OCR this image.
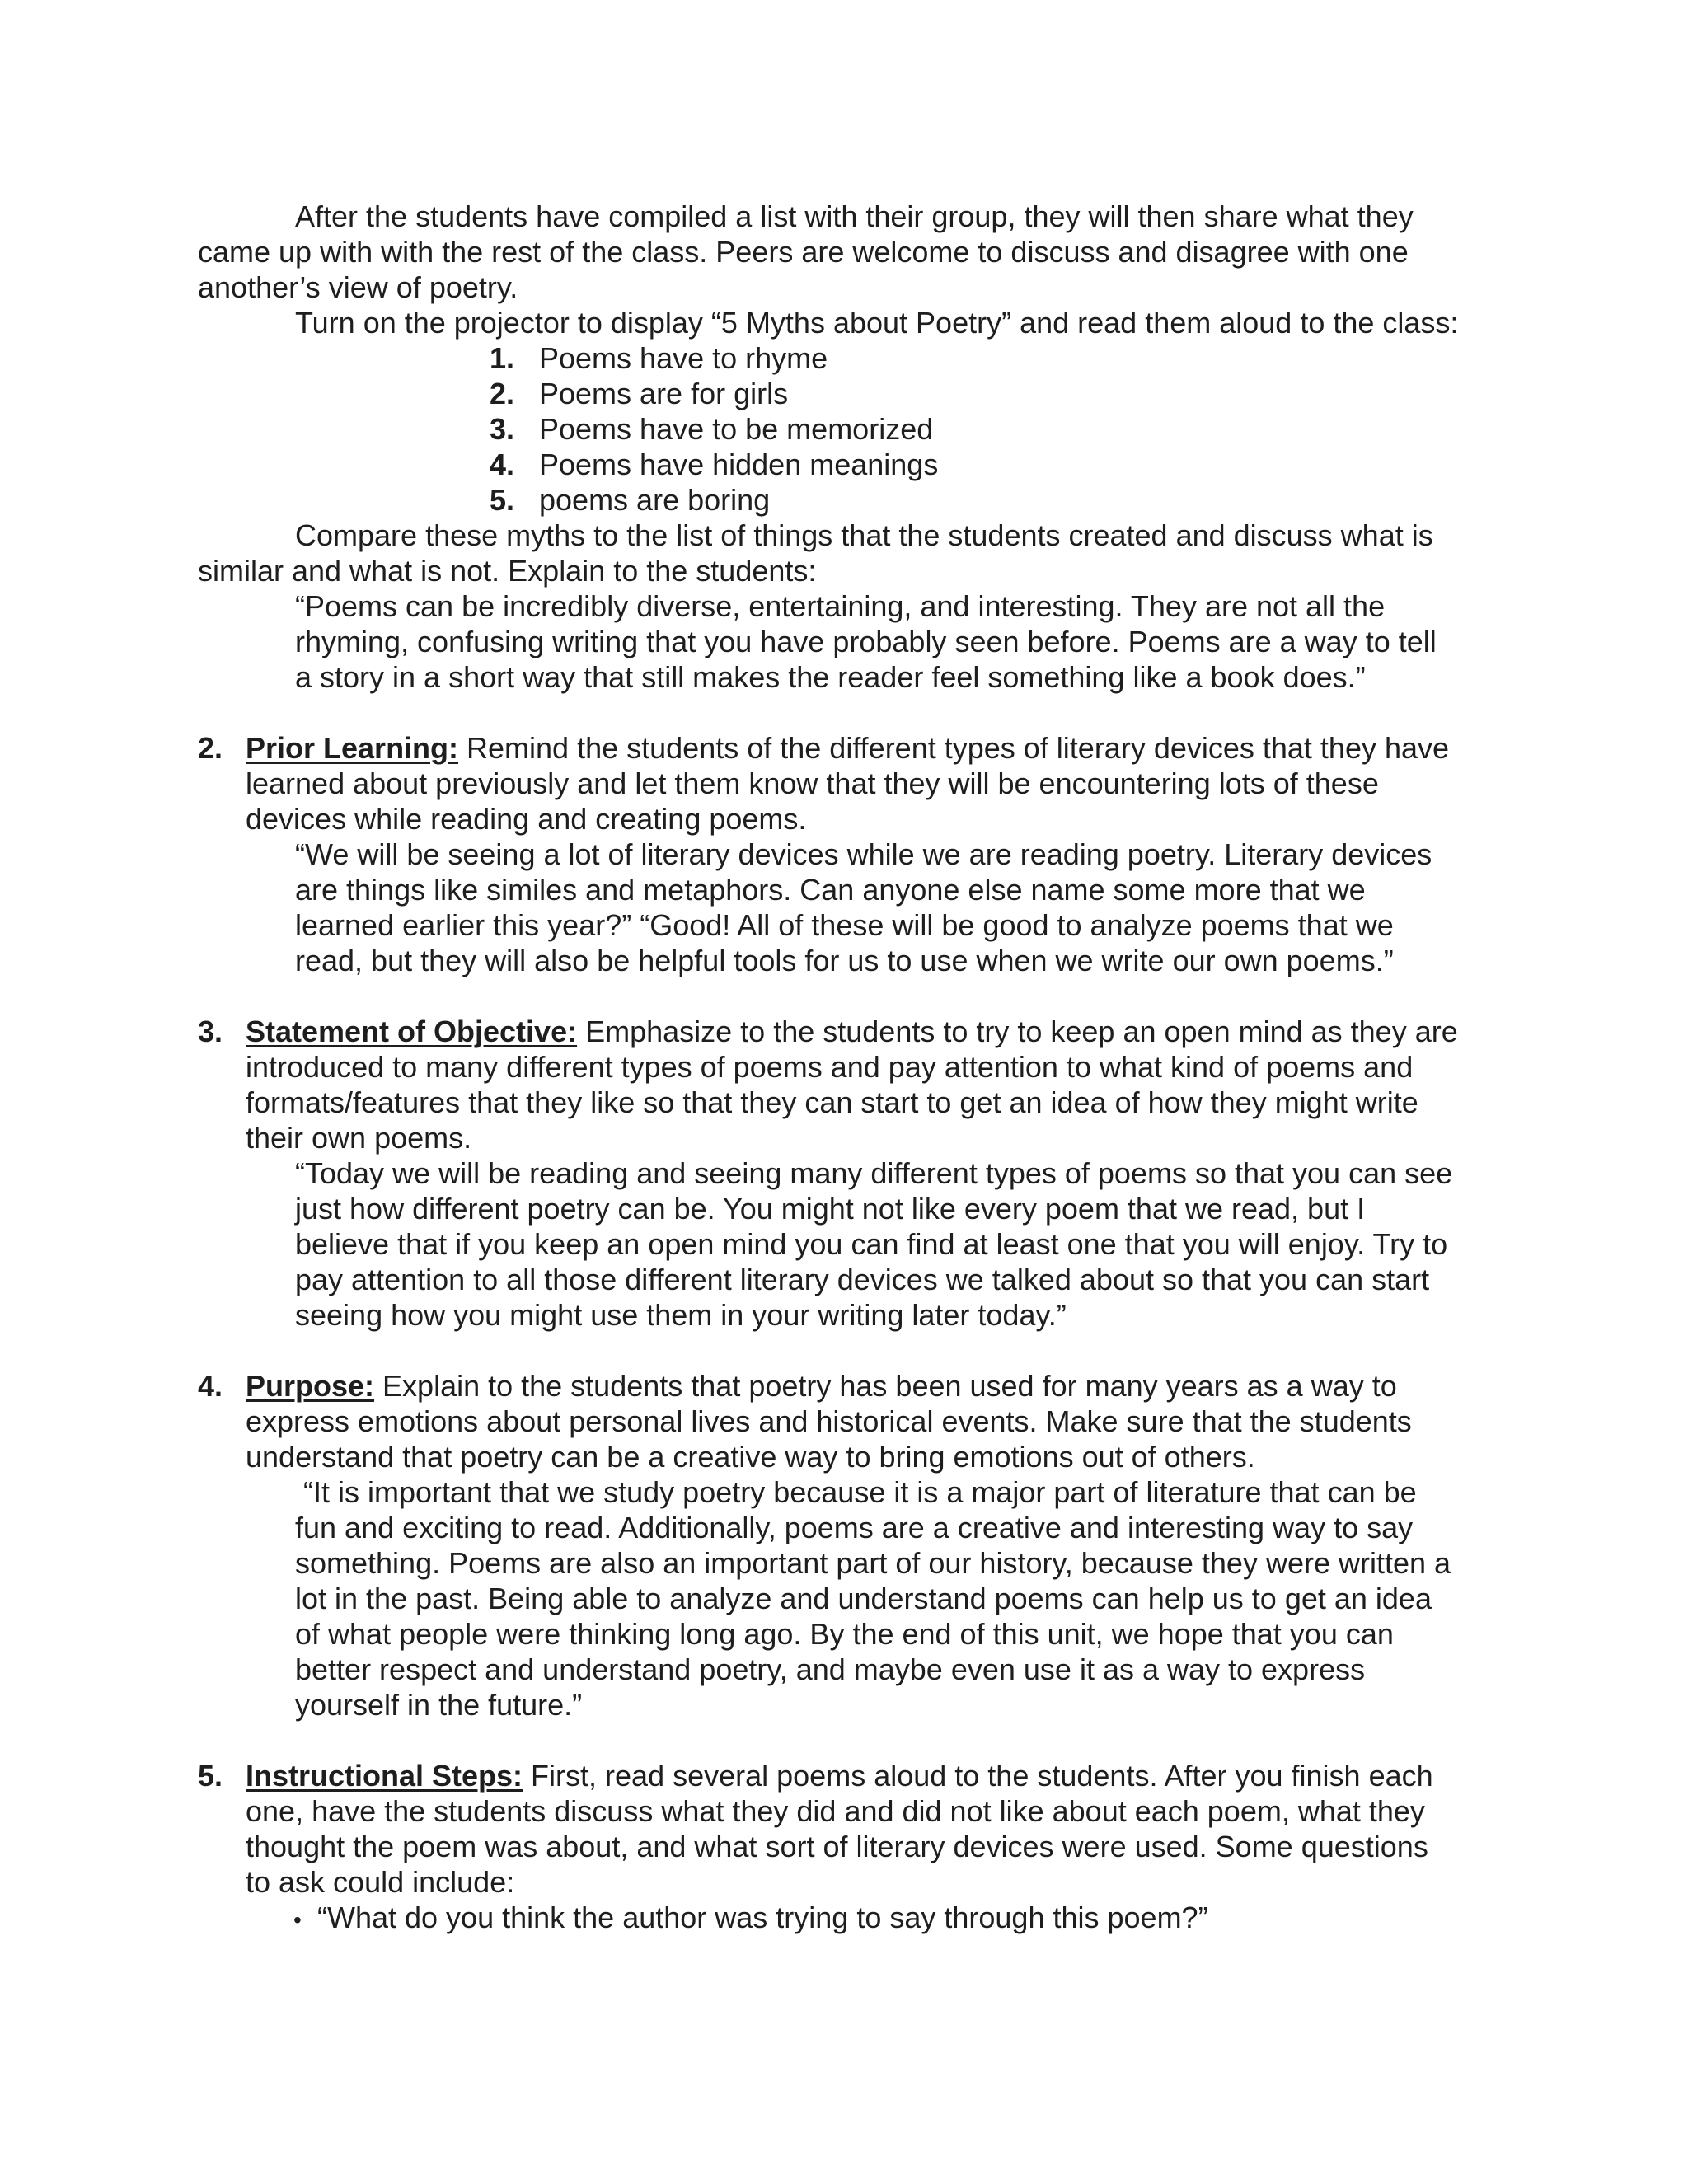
After the students have compiled a list with their group, they will then share what they

came up with with the rest of the class. Peers are welcome to discuss and disagree with one

another’s view of poetry.

Turn on the projector to display “5 Myths about Poetry” and read them aloud to the class:

1. Poems have to rhyme

2. Poems are for girls

3. Poems have to be memorized

4. Poems have hidden meanings

5. poems are boring

Compare these myths to the list of things that the students created and discuss what is

similar and what is not. Explain to the students:

“Poems can be incredibly diverse, entertaining, and interesting. They are not all the

rhyming, confusing writing that you have probably seen before. Poems are a way to tell

a story in a short way that still makes the reader feel something like a book does.”

2. Prior Learning: Remind the students of the different types of literary devices that they have

learned about previously and let them know that they will be encountering lots of these

devices while reading and creating poems.

“We will be seeing a lot of literary devices while we are reading poetry. Literary devices

are things like similes and metaphors. Can anyone else name some more that we

learned earlier this year?” “Good! All of these will be good to analyze poems that we

read, but they will also be helpful tools for us to use when we write our own poems.”

3. Statement of Objective: Emphasize to the students to try to keep an open mind as they are

introduced to many different types of poems and pay attention to what kind of poems and

formats/features that they like so that they can start to get an idea of how they might write

their own poems.

“Today we will be reading and seeing many different types of poems so that you can see

just how different poetry can be. You might not like every poem that we read, but I

believe that if you keep an open mind you can find at least one that you will enjoy. Try to

pay attention to all those different literary devices we talked about so that you can start

seeing how you might use them in your writing later today.”

4. Purpose: Explain to the students that poetry has been used for many years as a way to

express emotions about personal lives and historical events. Make sure that the students

understand that poetry can be a creative way to bring emotions out of others.

“It is important that we study poetry because it is a major part of literature that can be

fun and exciting to read. Additionally, poems are a creative and interesting way to say

something. Poems are also an important part of our history, because they were written a

lot in the past. Being able to analyze and understand poems can help us to get an idea

of what people were thinking long ago. By the end of this unit, we hope that you can

better respect and understand poetry, and maybe even use it as a way to express

yourself in the future.”

5. Instructional Steps: First, read several poems aloud to the students. After you finish each

one, have the students discuss what they did and did not like about each poem, what they

thought the poem was about, and what sort of literary devices were used. Some questions

to ask could include:

• “What do you think the author was trying to say through this poem?”
